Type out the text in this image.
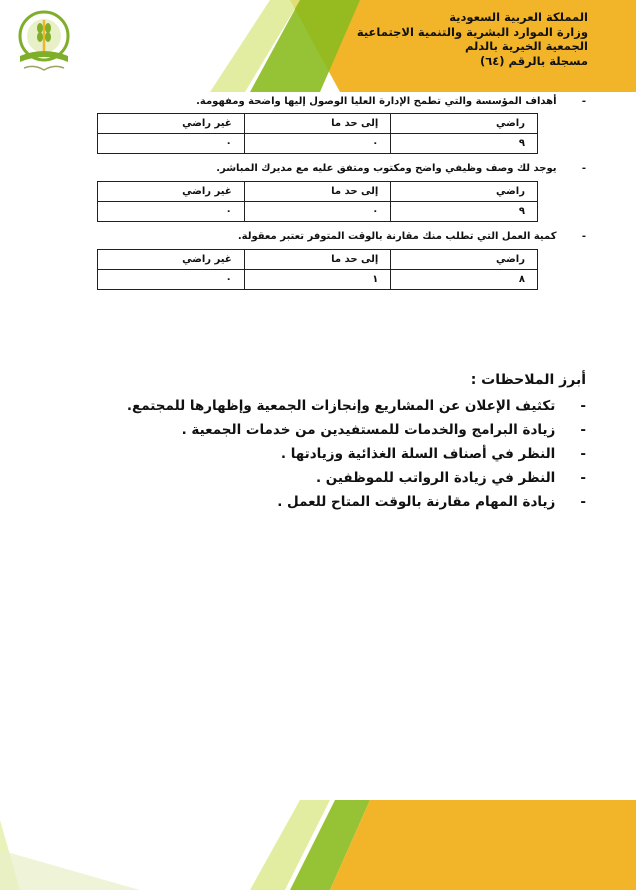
المملكة العربية السعودية
وزارة الموارد البشرية والتنمية الاجتماعية
الجمعية الخيرية بالدلم
مسجلة بالرقم (٦٤)
- أهداف المؤسسة والتي تطمح الإدارة العليا الوصول إليها واضحة ومفهومة.
راضي	إلى حد ما	غير راضي
٩	٠	٠
- يوجد لك وصف وظيفي واضح ومكتوب ومتفق عليه مع مديرك المباشر.
راضي	إلى حد ما	غير راضي
٩	٠	٠
- كمية العمل التي تطلب منك مقارنة بالوقت المتوفر تعتبر معقولة.
راضي	إلى حد ما	غير راضي
٨	١	٠
أبرز الملاحظات :
- تكثيف الإعلان عن المشاريع وإنجازات الجمعية وإظهارها للمجتمع.
- زيادة البرامج والخدمات للمستفيدين من خدمات الجمعية .
- النظر في أصناف السلة الغذائية وزيادتها .
- النظر في زيادة الرواتب للموظفين .
- زيادة المهام مقارنة بالوقت المتاح للعمل .
